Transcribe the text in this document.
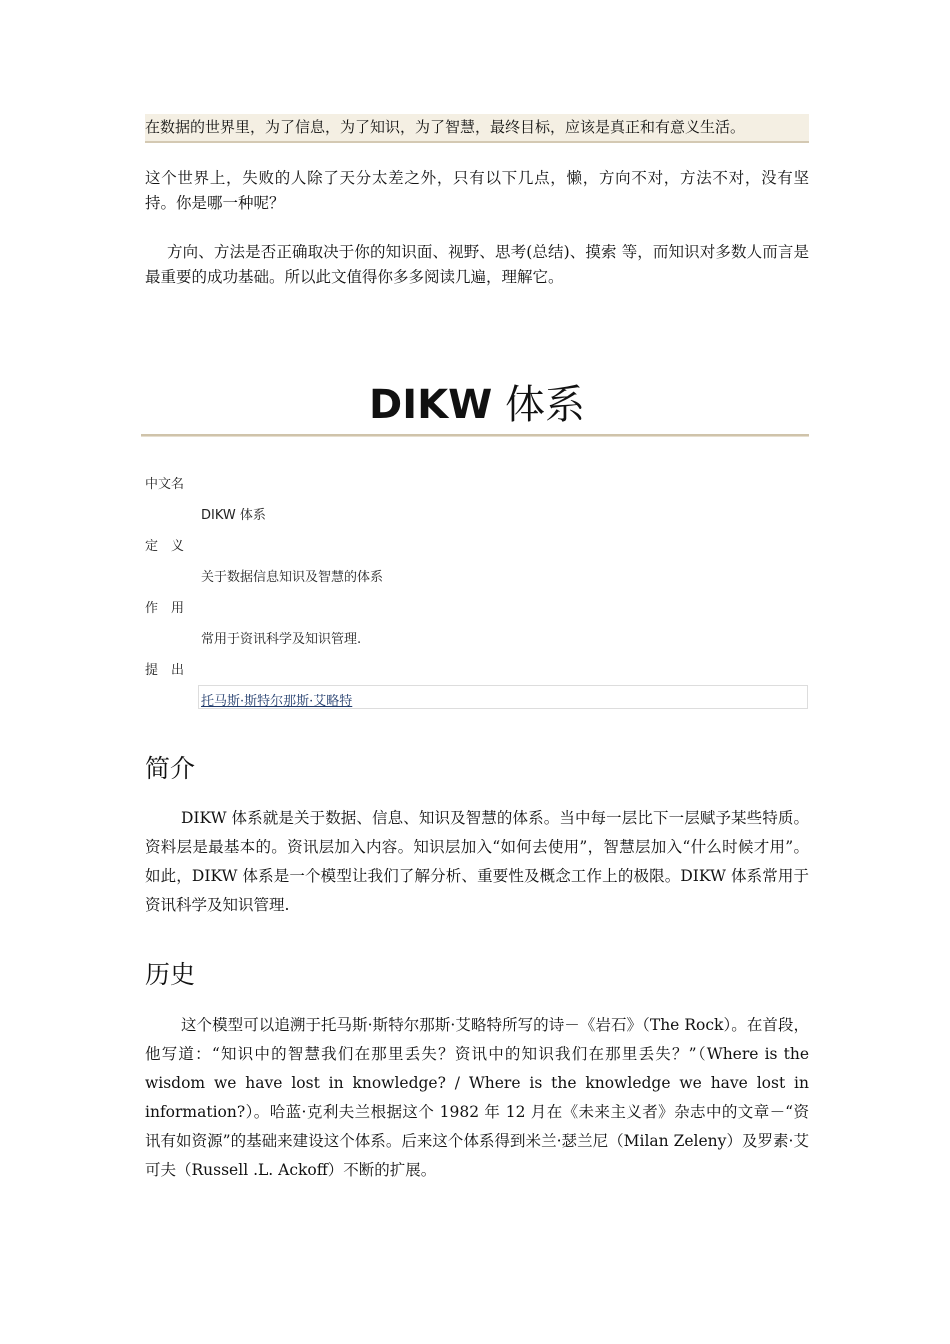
在数据的世界里，为了信息，为了知识，为了智慧，最终目标，应该是真正和有意义生活。
这个世界上，失败的人除了天分太差之外，只有以下几点，懒，方向不对，方法不对，没有坚持。你是哪一种呢？
方向、方法是否正确取决于你的知识面、视野、思考(总结)、摸索 等，而知识对多数人而言是最重要的成功基础。所以此文值得你多多阅读几遍，理解它。
DIKW 体系
中文名
DIKW 体系
定　义
关于数据信息知识及智慧的体系
作　用
常用于资讯科学及知识管理.
提　出
托马斯·斯特尔那斯·艾略特
简介
DIKW 体系就是关于数据、信息、知识及智慧的体系。当中每一层比下一层赋予某些特质。资料层是最基本的。资讯层加入内容。知识层加入“如何去使用”，智慧层加入“什么时候才用”。如此，DIKW 体系是一个模型让我们了解分析、重要性及概念工作上的极限。DIKW 体系常用于资讯科学及知识管理.
历史
这个模型可以追溯于托马斯·斯特尔那斯·艾略特所写的诗－《岩石》（The Rock）。在首段，他写道：“知识中的智慧我们在那里丢失？资讯中的知识我们在那里丢失？”（Where is the wisdom we have lost in knowledge? / Where is the knowledge we have lost in information?）。哈蓝·克利夫兰根据这个 1982 年 12 月在《未来主义者》杂志中的文章－“资讯有如资源”的基础来建设这个体系。后来这个体系得到米兰·瑟兰尼（Milan Zeleny）及罗素·艾可夫（Russell .L. Ackoff）不断的扩展。
